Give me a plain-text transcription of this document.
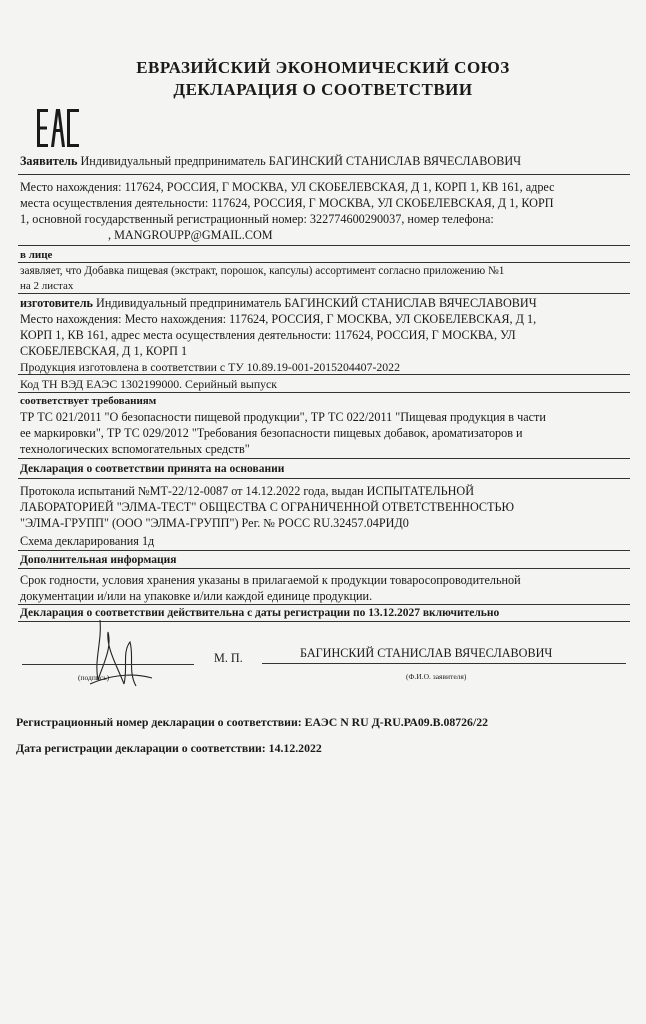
ЕВРАЗИЙСКИЙ ЭКОНОМИЧЕСКИЙ СОЮЗ
ДЕКЛАРАЦИЯ О СООТВЕТСТВИИ
Заявитель Индивидуальный предприниматель БАГИНСКИЙ СТАНИСЛАВ ВЯЧЕСЛАВОВИЧ
Место нахождения: 117624, РОССИЯ, Г МОСКВА, УЛ СКОБЕЛЕВСКАЯ, Д 1, КОРП 1, КВ 161, адрес
места осуществления деятельности: 117624, РОССИЯ, Г МОСКВА, УЛ СКОБЕЛЕВСКАЯ, Д 1, КОРП
1, основной государственный регистрационный номер: 322774600290037, номер телефона:
, MANGROUPP@GMAIL.COM
в лице
заявляет, что Добавка пищевая (экстракт, порошок, капсулы) ассортимент согласно приложению №1
на 2 листах
изготовитель Индивидуальный предприниматель БАГИНСКИЙ СТАНИСЛАВ ВЯЧЕСЛАВОВИЧ
Место нахождения: Место нахождения: 117624, РОССИЯ, Г МОСКВА, УЛ СКОБЕЛЕВСКАЯ, Д 1,
КОРП 1, КВ 161, адрес места осуществления деятельности: 117624, РОССИЯ, Г МОСКВА, УЛ
СКОБЕЛЕВСКАЯ, Д 1, КОРП 1
Продукция изготовлена в соответствии с ТУ 10.89.19-001-2015204407-2022
Код ТН ВЭД ЕАЭС 1302199000. Серийный выпуск
соответствует требованиям
ТР ТС 021/2011 "О безопасности пищевой продукции", ТР ТС 022/2011 "Пищевая продукция в части
ее маркировки", ТР ТС 029/2012 "Требования безопасности пищевых добавок, ароматизаторов и
технологических вспомогательных средств"
Декларация о соответствии принята на основании
Протокола испытаний №МТ-22/12-0087 от 14.12.2022 года, выдан ИСПЫТАТЕЛЬНОЙ
ЛАБОРАТОРИЕЙ "ЭЛМА-ТЕСТ" ОБЩЕСТВА С ОГРАНИЧЕННОЙ ОТВЕТСТВЕННОСТЬЮ
"ЭЛМА-ГРУПП" (ООО "ЭЛМА-ГРУПП") Рег. № РОСС RU.32457.04РИД0
Схема декларирования 1д
Дополнительная информация
Срок годности, условия хранения указаны в прилагаемой к продукции товаросопроводительной
документации и/или на упаковке и/или каждой единице продукции.
Декларация о соответствии действительна с даты регистрации по 13.12.2027 включительно
(подпись)
М. П.	БАГИНСКИЙ СТАНИСЛАВ ВЯЧЕСЛАВОВИЧ
(Ф.И.О. заявителя)
Регистрационный номер декларации о соответствии: ЕАЭС N RU Д-RU.РА09.В.08726/22
Дата регистрации декларации о соответствии: 14.12.2022
